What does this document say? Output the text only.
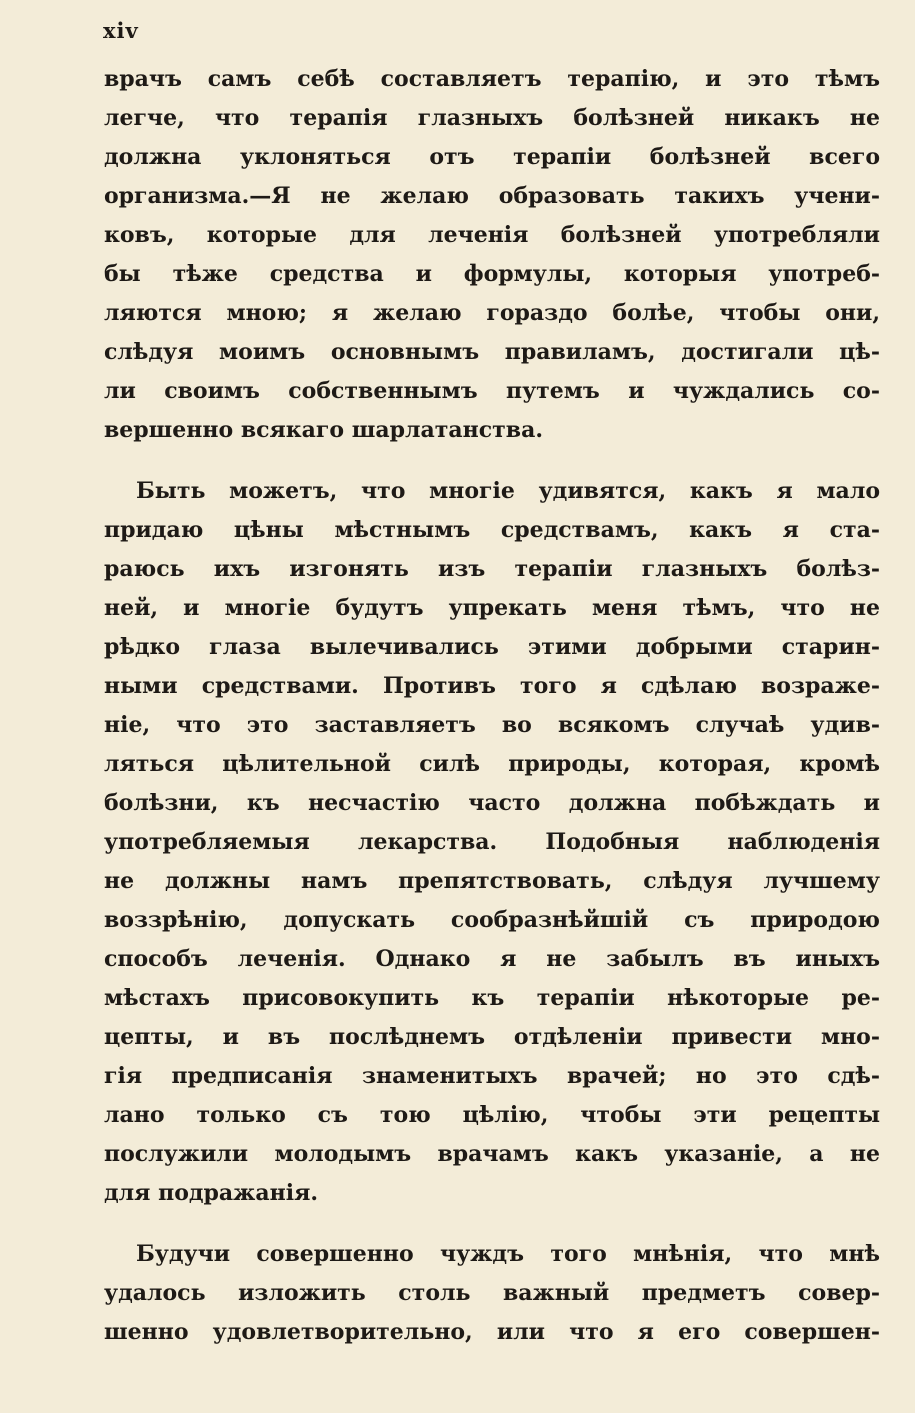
xiv
врачъ самъ себѣ составляетъ терапію, и это тѣмъ
легче, что терапія глазныхъ болѣзней никакъ не
должна уклоняться отъ терапіи болѣзней всего
организма.—Я не желаю образовать такихъ учени-
ковъ, которые для леченія болѣзней употребляли
бы тѣже средства и формулы, которыя употреб-
ляются мною; я желаю гораздо болѣе, чтобы они,
слѣдуя моимъ основнымъ правиламъ, достигали цѣ-
ли своимъ собственнымъ путемъ и чуждались со-
вершенно всякаго шарлатанства.
Быть можетъ, что многіе удивятся, какъ я мало
придаю цѣны мѣстнымъ средствамъ, какъ я ста-
раюсь ихъ изгонять изъ терапіи глазныхъ болѣз-
ней, и многіе будутъ упрекать меня тѣмъ, что не
рѣдко глаза вылечивались этими добрыми старин-
ными средствами. Противъ того я сдѣлаю возраже-
ніе, что это заставляетъ во всякомъ случаѣ удив-
ляться цѣлительной силѣ природы, которая, кромѣ
болѣзни, къ несчастію часто должна побѣждать и
употребляемыя лекарства. Подобныя наблюденія
не должны намъ препятствовать, слѣдуя лучшему
воззрѣнію, допускать сообразнѣйшій съ природою
способъ леченія. Однако я не забылъ въ иныхъ
мѣстахъ присовокупить къ терапіи нѣкоторые ре-
цепты, и въ послѣднемъ отдѣленіи привести мно-
гія предписанія знаменитыхъ врачей; но это сдѣ-
лано только съ тою цѣлію, чтобы эти рецепты
послужили молодымъ врачамъ какъ указаніе, а не
для подражанія.
Будучи совершенно чуждъ того мнѣнія, что мнѣ
удалось изложить столь важный предметъ совер-
шенно удовлетворительно, или что я его совершен-
